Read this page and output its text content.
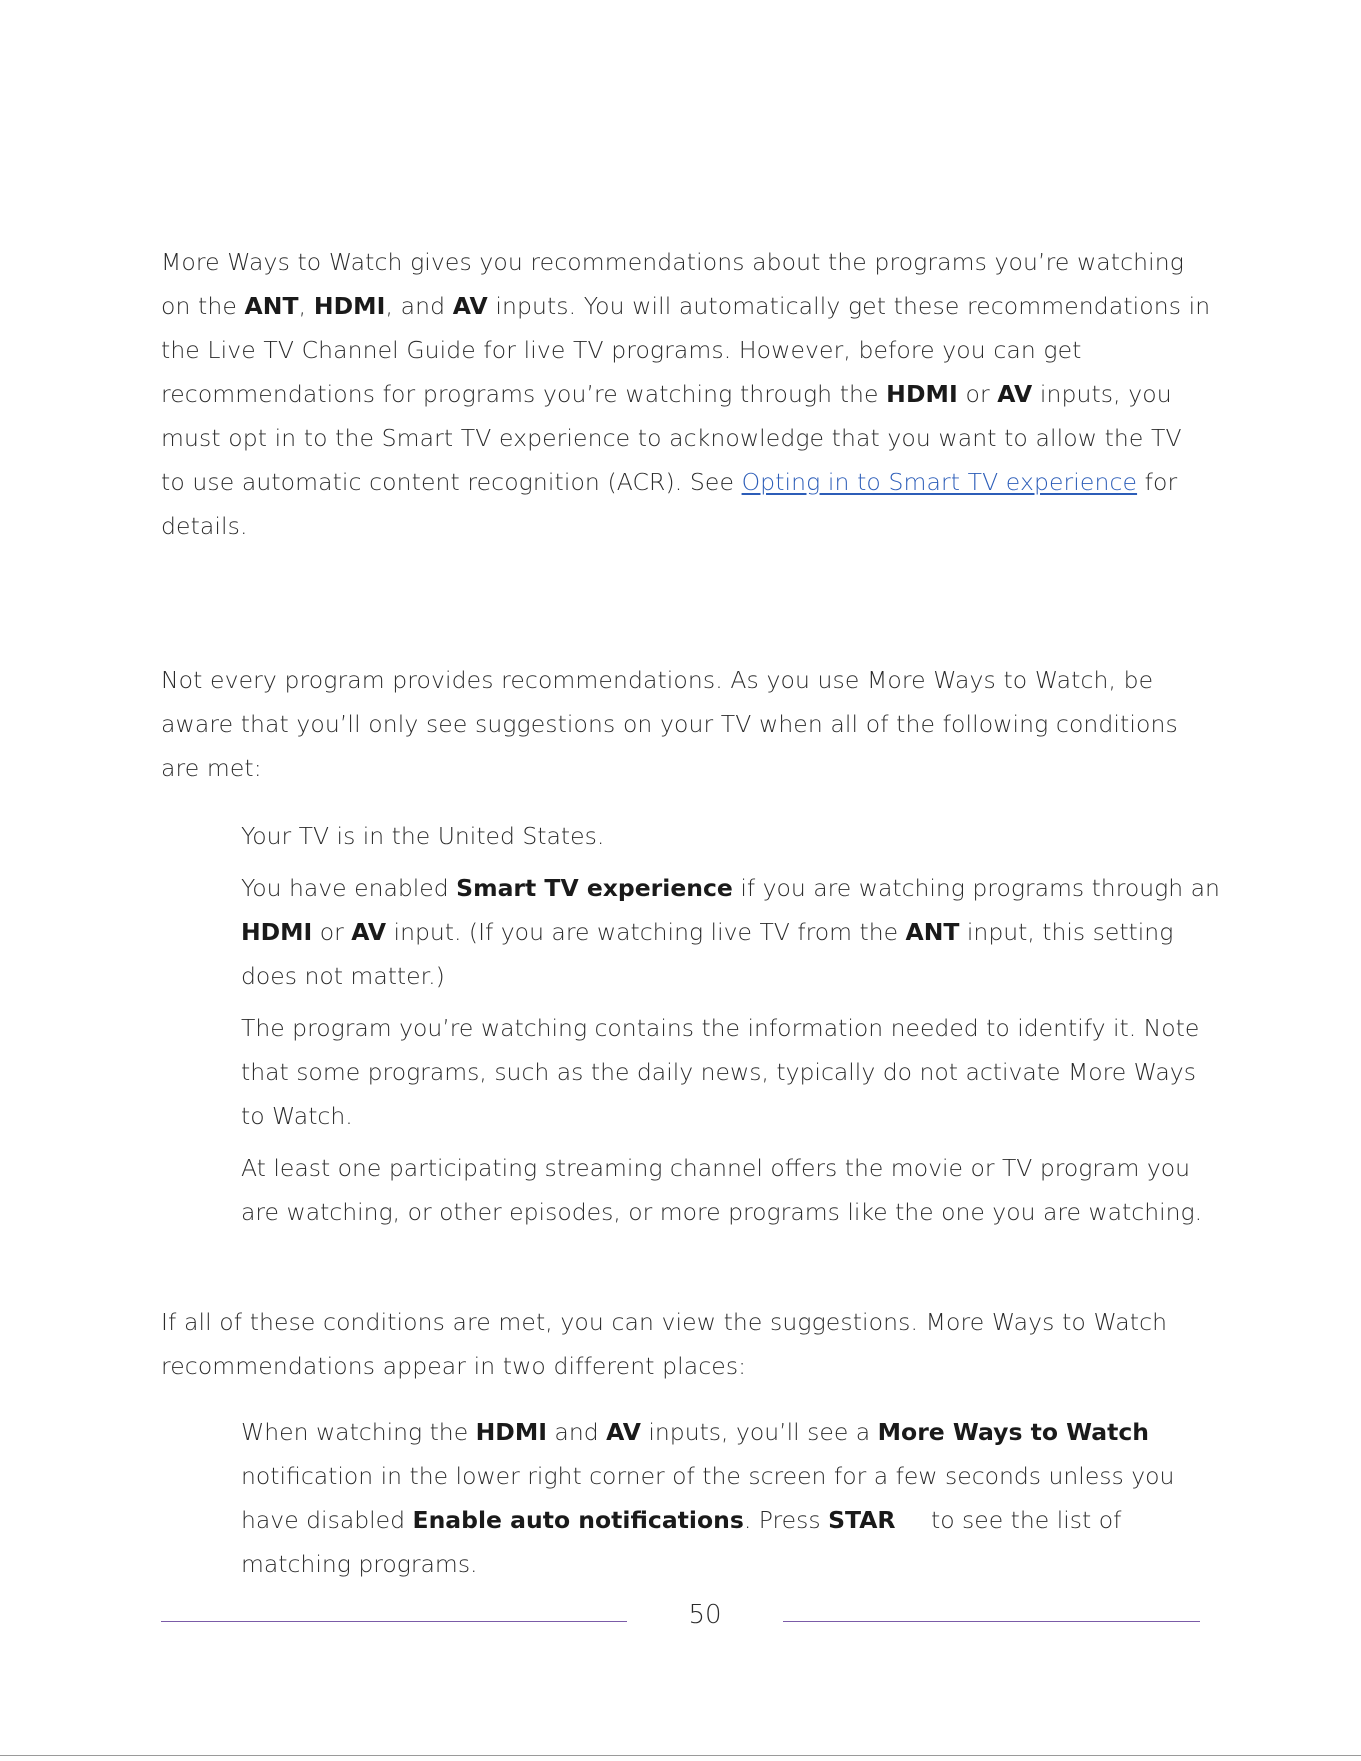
More Ways to Watch gives you recommendations about the programs you’re watching on the ANT, HDMI, and AV inputs. You will automatically get these recommendations in the Live TV Channel Guide for live TV programs. However, before you can get recommendations for programs you’re watching through the HDMI or AV inputs, you must opt in to the Smart TV experience to acknowledge that you want to allow the TV to use automatic content recognition (ACR). See Opting in to Smart TV experience for details.

Not every program provides recommendations. As you use More Ways to Watch, be aware that you’ll only see suggestions on your TV when all of the following conditions are met:

Your TV is in the United States.
You have enabled Smart TV experience if you are watching programs through an HDMI or AV input. (If you are watching live TV from the ANT input, this setting does not matter.)
The program you’re watching contains the information needed to identify it. Note that some programs, such as the daily news, typically do not activate More Ways to Watch.
At least one participating streaming channel offers the movie or TV program you are watching, or other episodes, or more programs like the one you are watching.

If all of these conditions are met, you can view the suggestions. More Ways to Watch recommendations appear in two different places:

When watching the HDMI and AV inputs, you’ll see a More Ways to Watch notification in the lower right corner of the screen for a few seconds unless you have disabled Enable auto notifications. Press STAR to see the list of matching programs.
50
